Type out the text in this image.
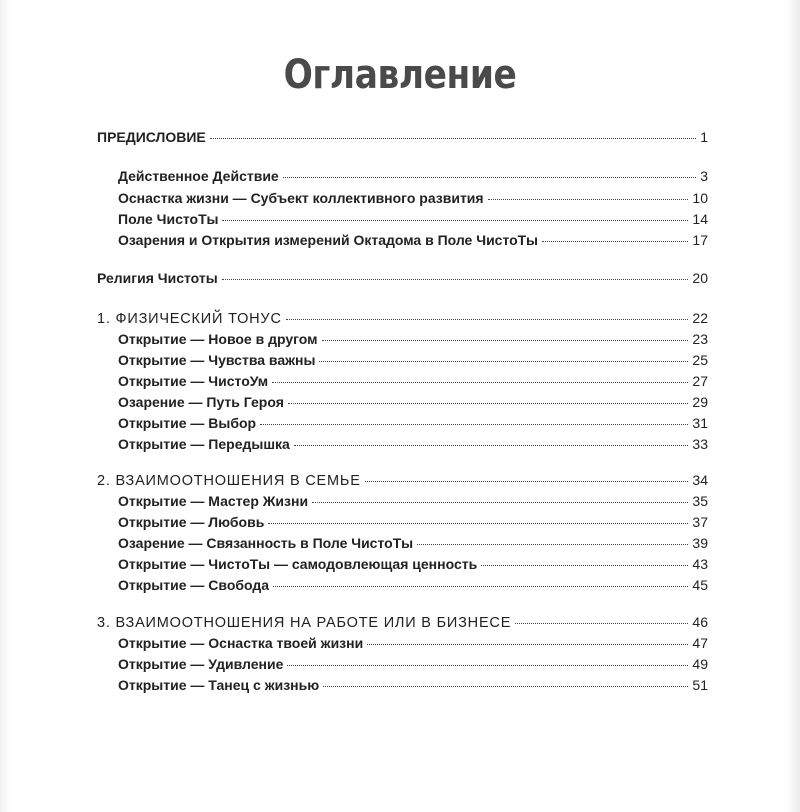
Оглавление
ПРЕДИСЛОВИЕ	1
Действенное Действие	3
Оснастка жизни — Субъект коллективного развития	10
Поле ЧистоТы	14
Озарения и Открытия измерений Октадома в Поле ЧистоТы	17
Религия Чистоты	20
1. ФИЗИЧЕСКИЙ ТОНУС	22
Открытие — Новое в другом	23
Открытие — Чувства важны	25
Открытие — ЧистоУм	27
Озарение — Путь Героя	29
Открытие — Выбор	31
Открытие — Передышка	33
2. ВЗАИМООТНОШЕНИЯ В СЕМЬЕ	34
Открытие — Мастер Жизни	35
Открытие — Любовь	37
Озарение — Связанность в Поле ЧистоТы	39
Открытие — ЧистоТы — самодовлеющая ценность	43
Открытие — Свобода	45
3. ВЗАИМООТНОШЕНИЯ НА РАБОТЕ ИЛИ В БИЗНЕСЕ	46
Открытие — Оснастка твоей жизни	47
Открытие — Удивление	49
Открытие — Танец с жизнью	51
